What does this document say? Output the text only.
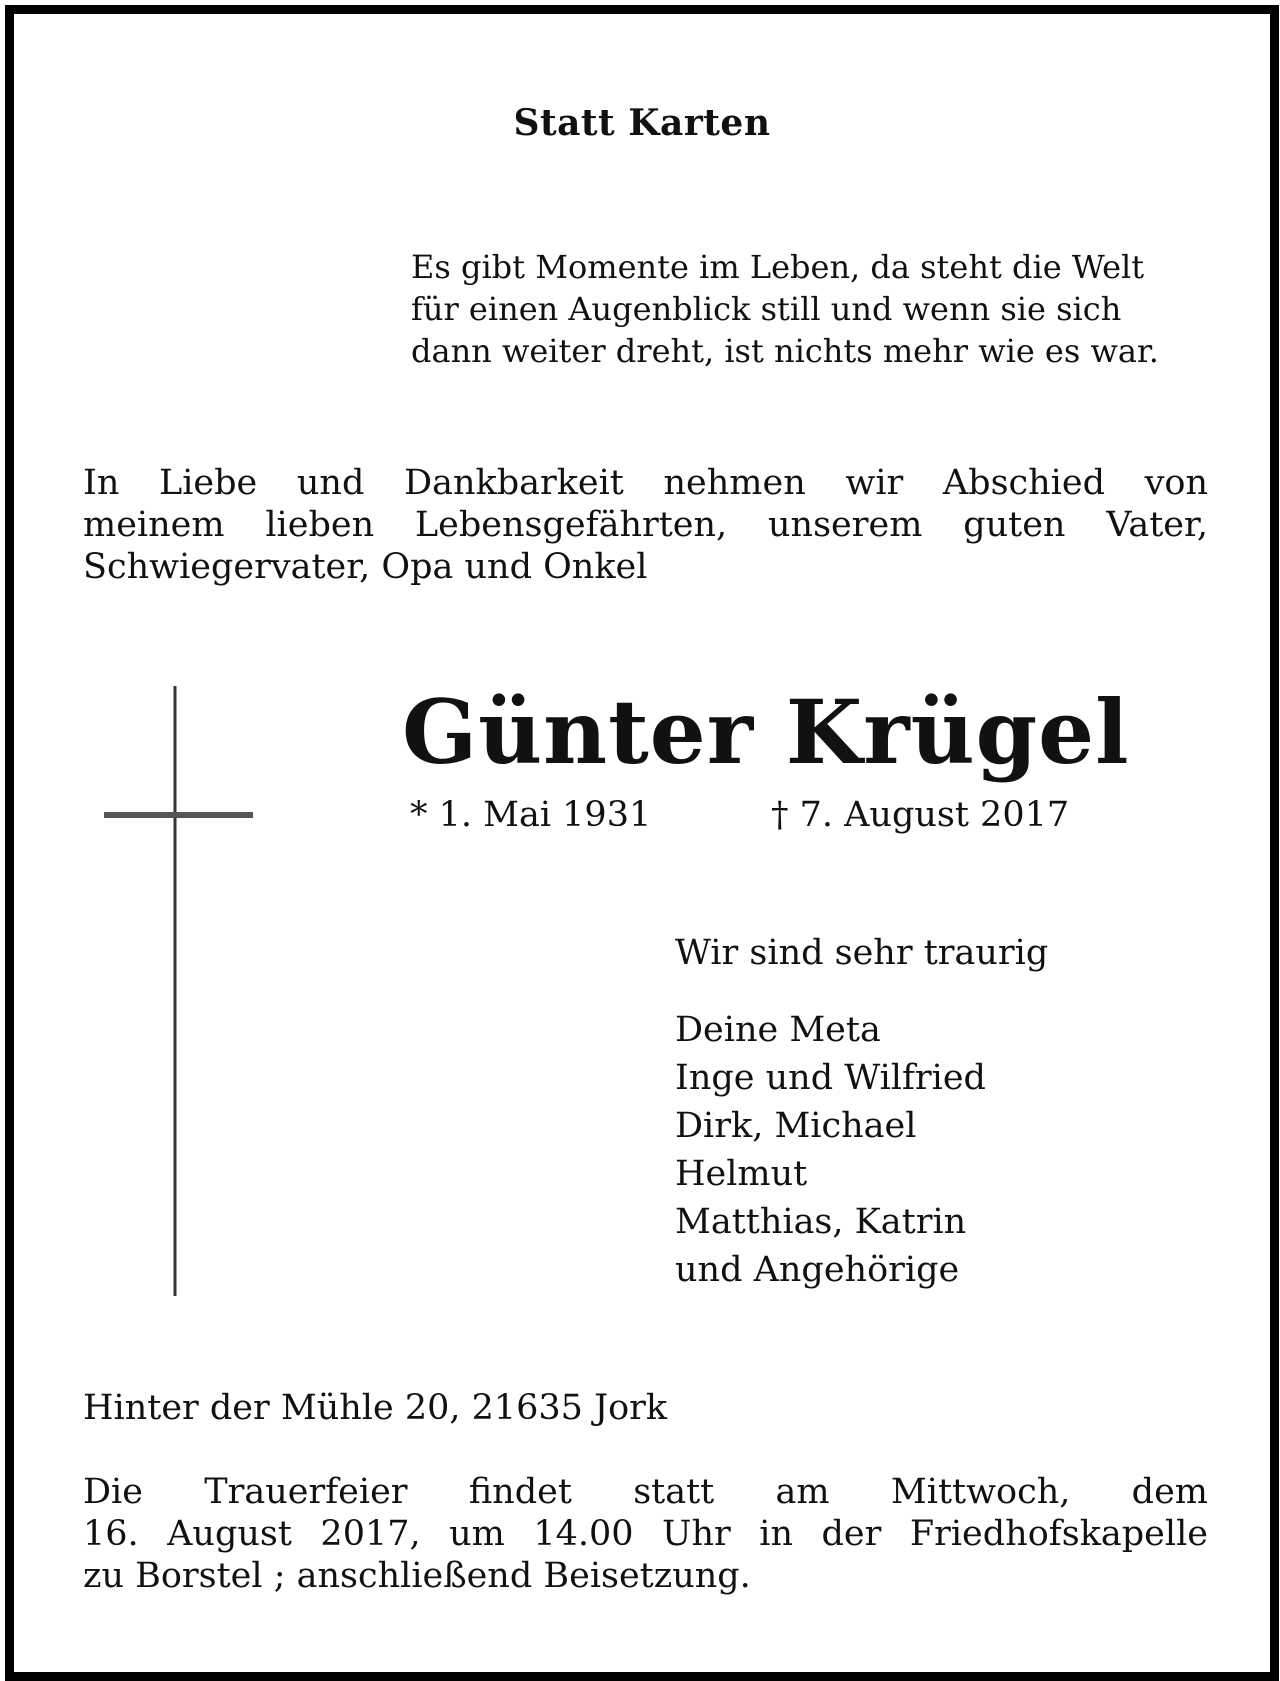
Statt Karten
Es gibt Momente im Leben, da steht die Welt
für einen Augenblick still und wenn sie sich
dann weiter dreht, ist nichts mehr wie es war.
In Liebe und Dankbarkeit nehmen wir Abschied von
meinem lieben Lebensgefährten, unserem guten Vater,
Schwiegervater, Opa und Onkel
Günter Krügel
* 1. Mai 1931	† 7. August 2017
Wir sind sehr traurig
Deine Meta
Inge und Wilfried
Dirk, Michael
Helmut
Matthias, Katrin
und Angehörige
Hinter der Mühle 20, 21635 Jork
Die Trauerfeier findet statt am Mittwoch, dem
16. August 2017, um 14.00 Uhr in der Friedhofskapelle
zu Borstel ; anschließend Beisetzung.
